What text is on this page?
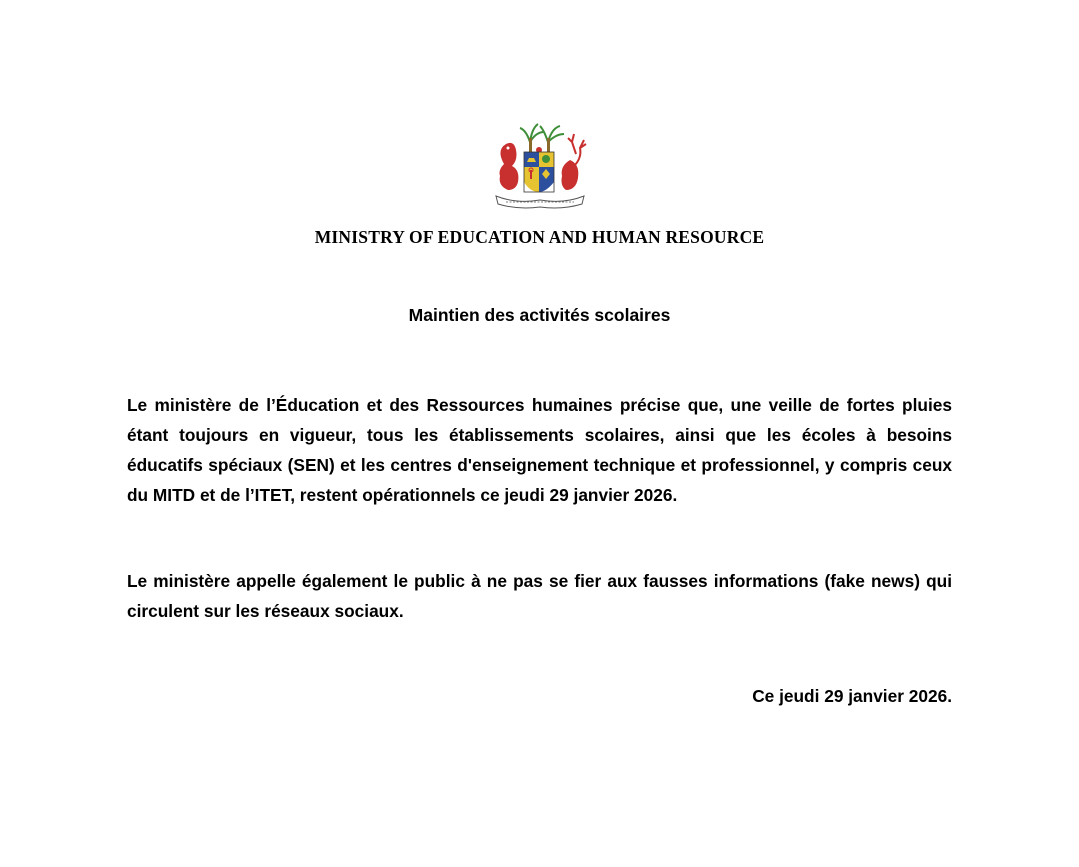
MINISTRY OF EDUCATION AND HUMAN RESOURCE
Maintien des activités scolaires
Le ministère de l’Éducation et des Ressources humaines précise que, une veille de fortes pluies étant toujours en vigueur, tous les établissements scolaires, ainsi que les écoles à besoins éducatifs spéciaux (SEN) et les centres d'enseignement technique et professionnel, y compris ceux du MITD et de l’ITET, restent opérationnels ce jeudi 29 janvier 2026.
Le ministère appelle également le public à ne pas se fier aux fausses informations (fake news) qui circulent sur les réseaux sociaux.
Ce jeudi 29 janvier 2026.
